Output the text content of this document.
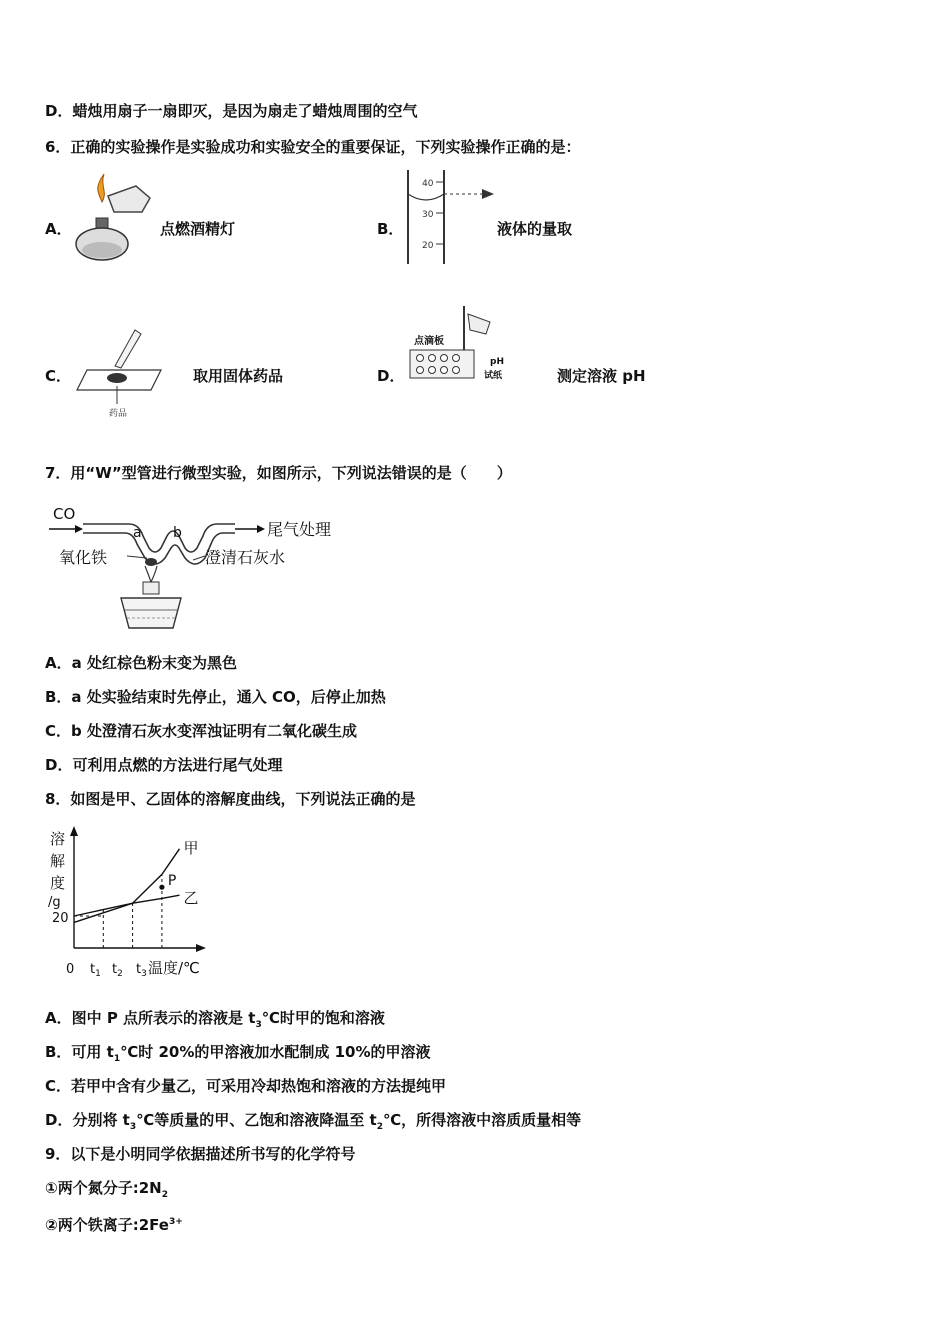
D．蜡烛用扇子一扇即灭，是因为扇走了蜡烛周围的空气
6．正确的实验操作是实验成功和实验安全的重要保证，下列实验操作正确的是：
A．	点燃酒精灯	B．
40
30
20
液体的量取
C．
药品
取用固体药品	D．
点滴板
pH
试纸	测定溶液 pH
7．用“W”型管进行微型实验，如图所示，下列说法错误的是（　　）
CO
a b	尾气处理
氧化铁	澄清石灰水
A．a 处红棕色粉末变为黑色
B．a 处实验结束时先停止，通入 CO，后停止加热
C．b 处澄清石灰水变浑浊证明有二氧化碳生成
D．可利用点燃的方法进行尾气处理
8．如图是甲、乙固体的溶解度曲线，下列说法正确的是
溶
解
度
/g
甲
乙
P
20
0 $t_1$ $t_2$ $t_3$ 温度/℃
A．图中 P 点所表示的溶液是 $t_3℃$时甲的饱和溶液
B．可用 $t_1℃$时 20%的甲溶液加水配制成 10%的甲溶液
C．若甲中含有少量乙，可采用冷却热饱和溶液的方法提纯甲
D．分别将 $t_3℃$等质量的甲、乙饱和溶液降温至 $t_2℃$，所得溶液中溶质质量相等
9．以下是小明同学依据描述所书写的化学符号
①两个氮分子$:2N_2$
②两个铁离子$:2Fe^{3+}$
